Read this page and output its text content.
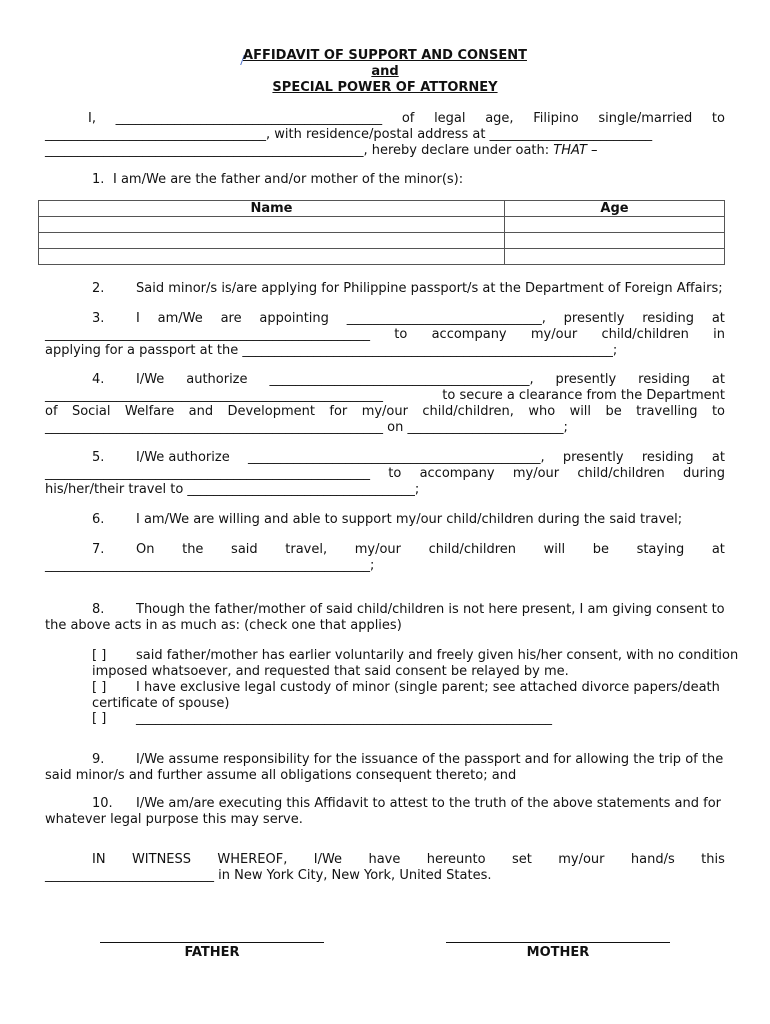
AFFIDAVIT OF SUPPORT AND CONSENT
and
SPECIAL POWER OF ATTORNEY
I, _________________________________________ of legal age, Filipino single/married to
__________________________________, with residence/postal address at _________________________
_________________________________________________, hereby declare under oath: THAT –
1. I am/We are the father and/or mother of the minor(s):
Name	Age

2. Said minor/s is/are applying for Philippine passport/s at the Department of Foreign Affairs;
3. I am/We are appointing ______________________________, presently residing at
__________________________________________________ to accompany my/our child/children in
applying for a passport at the _________________________________________________________;
4. I/We authorize ________________________________________, presently residing at
____________________________________________________	to secure a clearance from the Department
of Social Welfare and Development for my/our child/children, who will be travelling to
____________________________________________________ on ________________________;
5. I/We authorize _____________________________________________, presently residing at
__________________________________________________ to accompany my/our child/children during
his/her/their travel to ___________________________________;
6. I am/We are willing and able to support my/our child/children during the said travel;
7. On the said travel, my/our child/children will be staying at
__________________________________________________;
8. Though the father/mother of said child/children is not here present, I am giving consent to
the above acts in as much as: (check one that applies)
[ ] said father/mother has earlier voluntarily and freely given his/her consent, with no condition
imposed whatsoever, and requested that said consent be relayed by me.
[ ] I have exclusive legal custody of minor (single parent; see attached divorce papers/death
certificate of spouse)
[ ] ________________________________________________________________
9. I/We assume responsibility for the issuance of the passport and for allowing the trip of the
said minor/s and further assume all obligations consequent thereto; and
10. I/We am/are executing this Affidavit to attest to the truth of the above statements and for
whatever legal purpose this may serve.
IN WITNESS WHEREOF, I/We have hereunto set my/our hand/s this
__________________________ in New York City, New York, United States.
FATHER	MOTHER
